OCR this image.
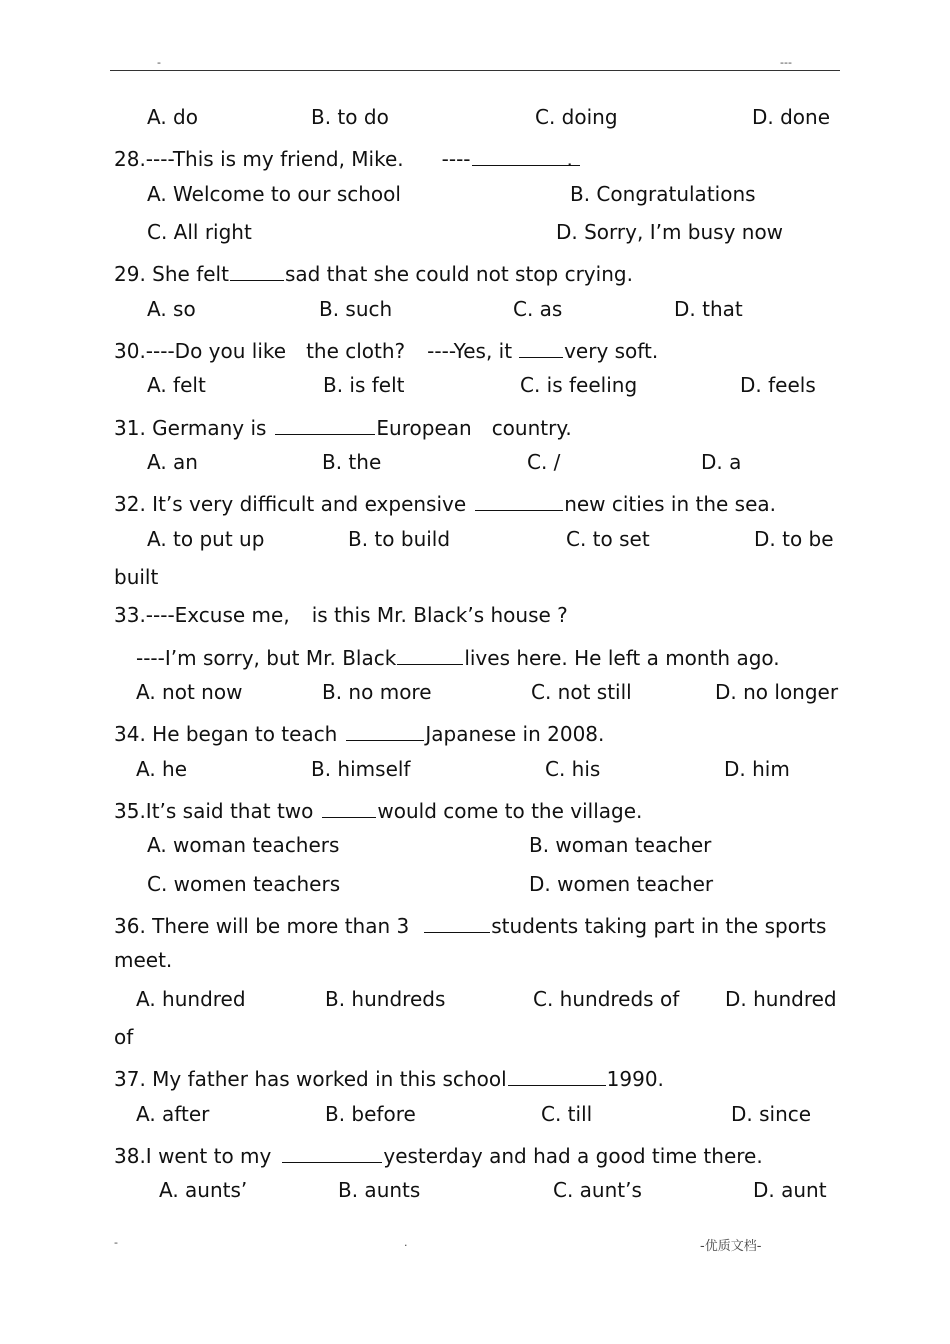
-	---
A. do	B. to do	C. doing	D. done
28.----This is my friend, Mike. ----	.
A. Welcome to our school	B. Congratulations
C. All right	D. Sorry, I’m busy now
29. She felt	sad that she could not stop crying.
A. so	B. such	C. as	D. that
30.----Do you like the cloth? ----Yes, it	very soft.
A. felt	B. is felt	C. is feeling	D. feels
31. Germany is	European country.
A. an	B. the	C. /	D. a
32. It’s very difficult and expensive	new cities in the sea.
A. to put up	B. to build	C. to set	D. to be
built
33.----Excuse me, is this Mr. Black’s house ?
----I’m sorry, but Mr. Black	lives here. He left a month ago.
A. not now	B. no more	C. not still	D. no longer
34. He began to teach	Japanese in 2008.
A. he	B. himself	C. his	D. him
35.It’s said that two	would come to the village.
A. woman teachers	B. woman teacher
C. women teachers	D. women teacher
36. There will be more than 3	students taking part in the sports
meet.
A. hundred	B. hundreds	C. hundreds of D. hundred
of
37. My father has worked in this school	1990.
A. after	B. before	C. till	D. since
38.I went to my	yesterday and had a good time there.
A. aunts’	B. aunts	C. aunt’s	D. aunt
-	.	-优质文档-
